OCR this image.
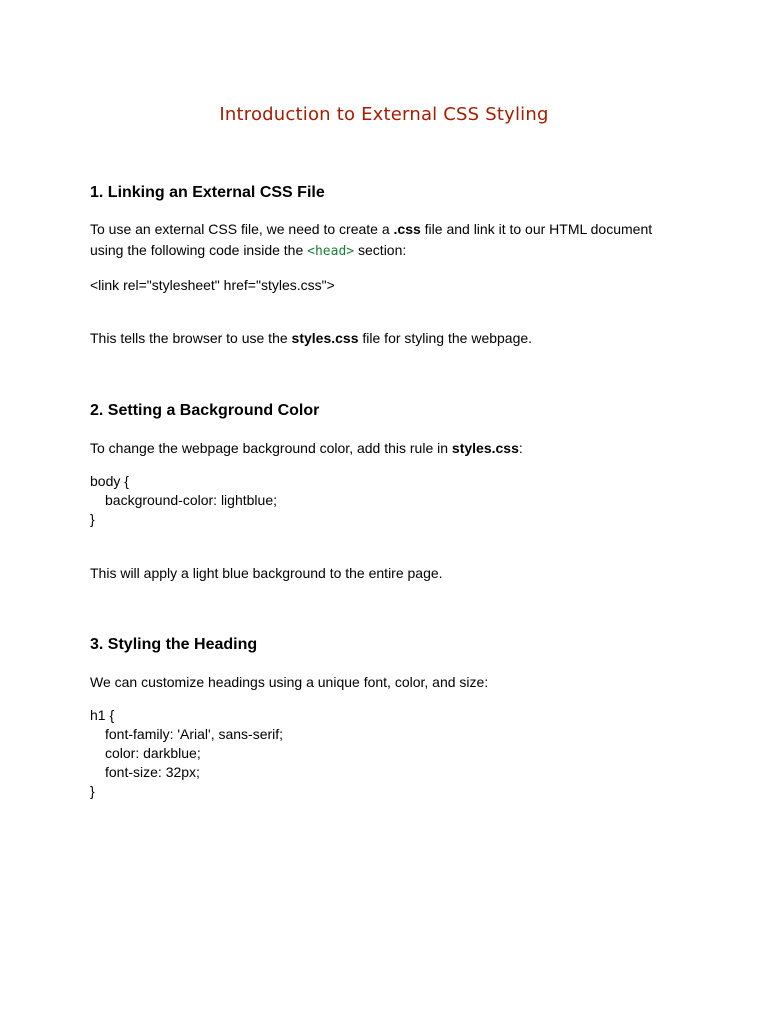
Introduction to External CSS Styling
1. Linking an External CSS File

To use an external CSS file, we need to create a .css file and link it to our HTML document using the following code inside the <head> section:

<link rel="stylesheet" href="styles.css">

This tells the browser to use the styles.css file for styling the webpage.

2. Setting a Background Color

To change the webpage background color, add this rule in styles.css:

body {
background-color: lightblue;
}

This will apply a light blue background to the entire page.

3. Styling the Heading

We can customize headings using a unique font, color, and size:

h1 {
font-family: 'Arial', sans-serif;
color: darkblue;
font-size: 32px;
}
